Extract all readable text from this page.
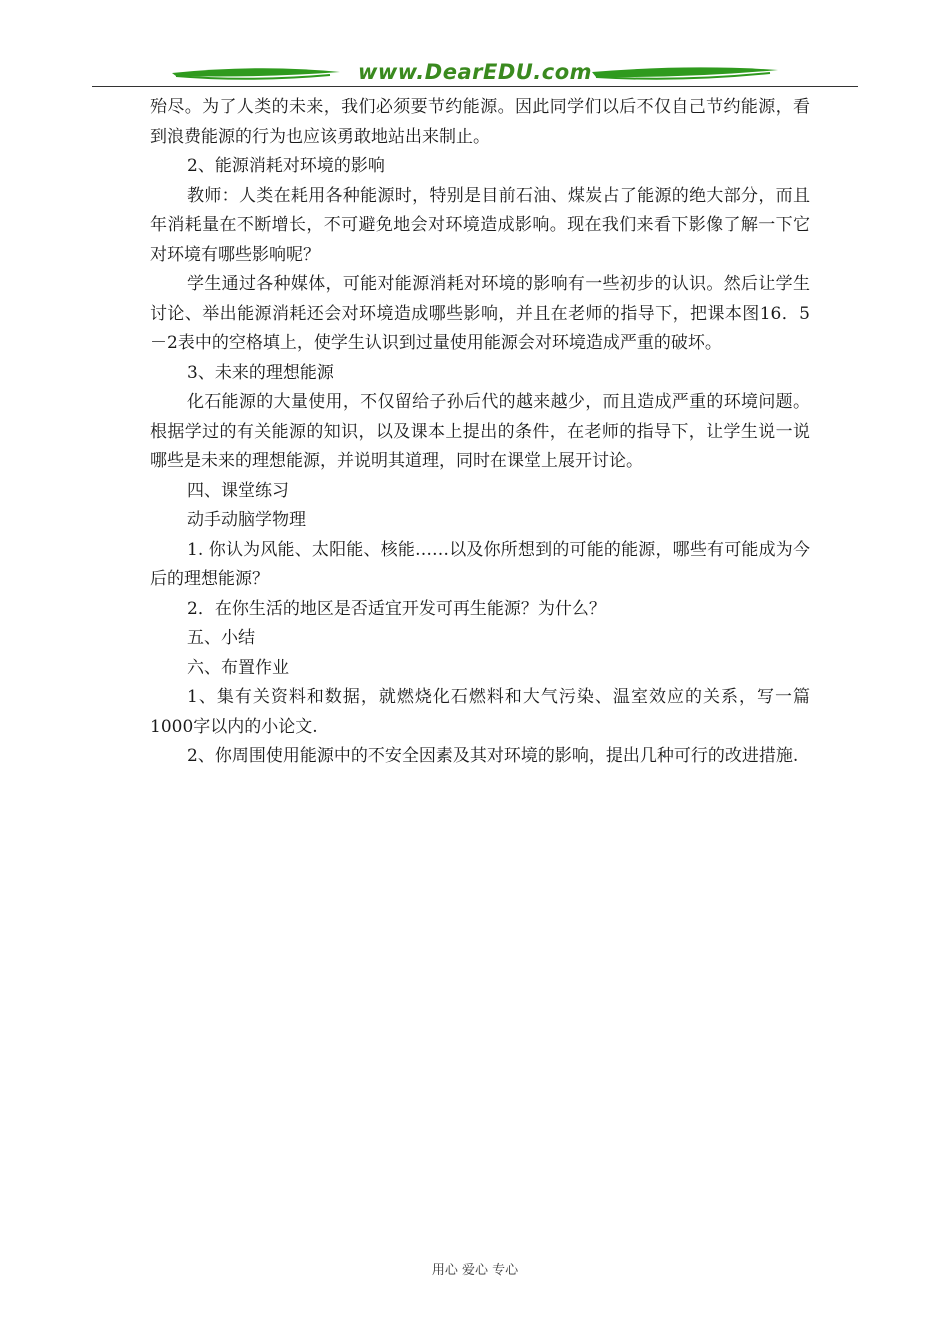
www.DearEDU.com

殆尽。为了人类的未来，我们必须要节约能源。因此同学们以后不仅自己节约能源，看到浪费能源的行为也应该勇敢地站出来制止。

2、能源消耗对环境的影响

教师：人类在耗用各种能源时，特别是目前石油、煤炭占了能源的绝大部分，而且年消耗量在不断增长，不可避免地会对环境造成影响。现在我们来看下影像了解一下它对环境有哪些影响呢？

学生通过各种媒体，可能对能源消耗对环境的影响有一些初步的认识。然后让学生讨论、举出能源消耗还会对环境造成哪些影响，并且在老师的指导下，把课本图16．5－2表中的空格填上，使学生认识到过量使用能源会对环境造成严重的破坏。

3、未来的理想能源

化石能源的大量使用，不仅留给子孙后代的越来越少，而且造成严重的环境问题。根据学过的有关能源的知识，以及课本上提出的条件，在老师的指导下，让学生说一说哪些是未来的理想能源，并说明其道理，同时在课堂上展开讨论。

四、课堂练习

动手动脑学物理

1. 你认为风能、太阳能、核能……以及你所想到的可能的能源，哪些有可能成为今后的理想能源？

2．在你生活的地区是否适宜开发可再生能源？为什么？

五、小结

六、布置作业

1、集有关资料和数据，就燃烧化石燃料和大气污染、温室效应的关系，写一篇1000字以内的小论文.

2、你周围使用能源中的不安全因素及其对环境的影响，提出几种可行的改进措施.

用心 爱心 专心
